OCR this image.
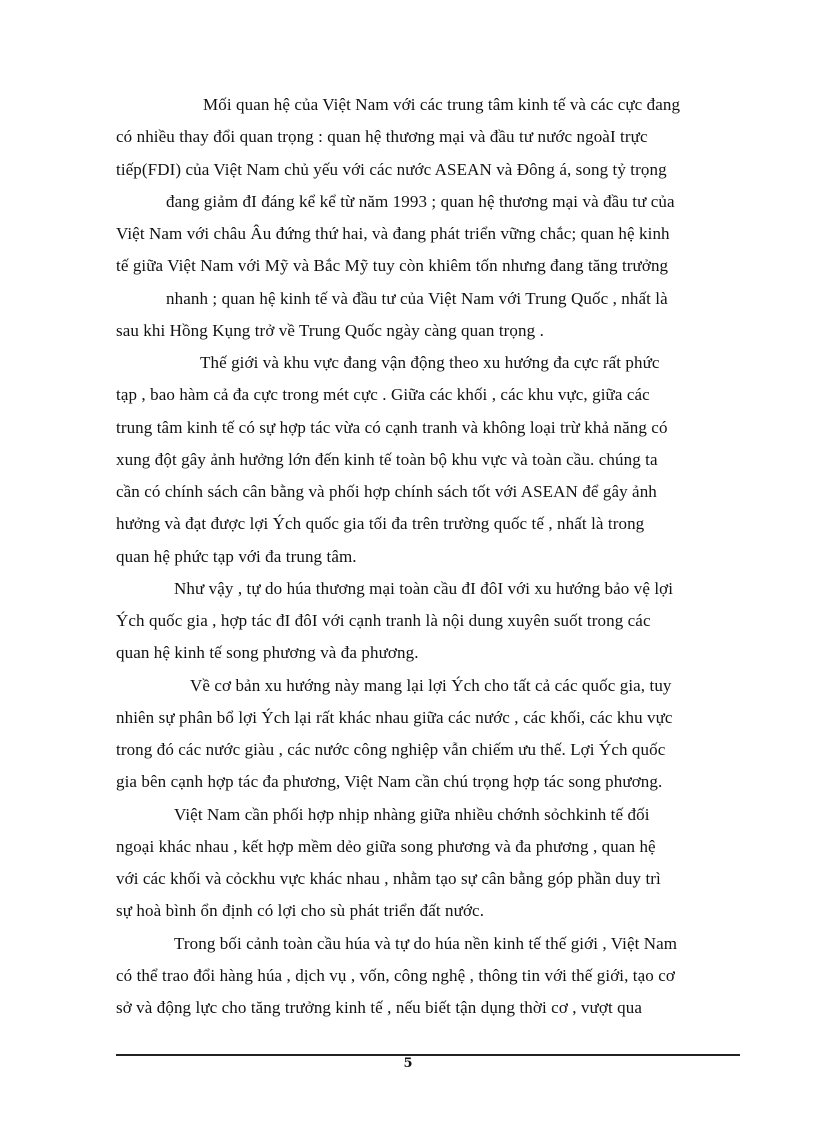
Mối quan hệ của Việt Nam với các trung tâm kinh tế và các cực đang
có nhiều thay đổi quan trọng : quan hệ thương mại và đầu tư nước ngoàI trực
tiếp(FDI) của Việt Nam chủ yếu với các nước ASEAN và Đông á, song tỷ trọng
đang giảm đI đáng kể kể từ năm 1993 ; quan hệ thương mại và đầu tư của
Việt Nam với châu Âu đứng thứ hai, và đang phát triển vững chắc; quan hệ kinh
tế giữa Việt Nam với Mỹ và Bắc Mỹ tuy còn khiêm tốn nhưng đang tăng trưởng
nhanh ; quan hệ kinh tế và đầu tư của Việt Nam với Trung Quốc , nhất là
sau khi Hồng Kụng trở về Trung Quốc ngày càng quan trọng .
Thế giới và khu vực đang vận động theo xu hướng đa cực rất phức
tạp , bao hàm cả đa cực trong mét cực . Giữa các khối , các khu vực, giữa các
trung tâm kinh tế có sự hợp tác vừa có cạnh tranh và không loại trừ khả năng có
xung đột gây ảnh hưởng lớn đến kinh tế toàn bộ khu vực và toàn cầu. chúng ta
cần có chính sách cân bằng và phối hợp chính sách tốt với ASEAN để gây ảnh
hưởng và đạt được lợi Ých quốc gia tối đa trên trường quốc tế , nhất là trong
quan hệ phức tạp với đa trung tâm.
Như vậy , tự do húa thương mại toàn cầu đI đôI với xu hướng bảo vệ lợi
Ých quốc gia , hợp tác đI đôI với cạnh tranh là nội dung xuyên suốt trong các
quan hệ kinh tế song phương và đa phương.
Về cơ bản xu hướng này mang lại lợi Ých cho tất cả các quốc gia, tuy
nhiên sự phân bổ lợi Ých lại rất khác nhau giữa các nước , các khối, các khu vực
trong đó các nước giàu , các nước công nghiệp vẫn chiếm ưu thế. Lợi Ých quốc
gia bên cạnh hợp tác đa phương, Việt Nam cần chú trọng hợp tác song phương.
Việt Nam cần phối hợp nhịp nhàng giữa nhiều chớnh sỏchkinh tế đối
ngoại khác nhau , kết hợp mềm dẻo giữa song phương và đa phương , quan hệ
với các khối và cỏckhu vực khác nhau , nhằm tạo sự cân bằng góp phần duy trì
sự hoà bình ổn định có lợi cho sù phát triển đất nước.
Trong bối cảnh toàn cầu húa và tự do húa nền kinh tế thế giới , Việt Nam
có thể trao đổi hàng húa , dịch vụ , vốn, công nghệ , thông tin với thế giới, tạo cơ
sở và động lực cho tăng trưởng kinh tế , nếu biết tận dụng thời cơ , vượt qua
5
